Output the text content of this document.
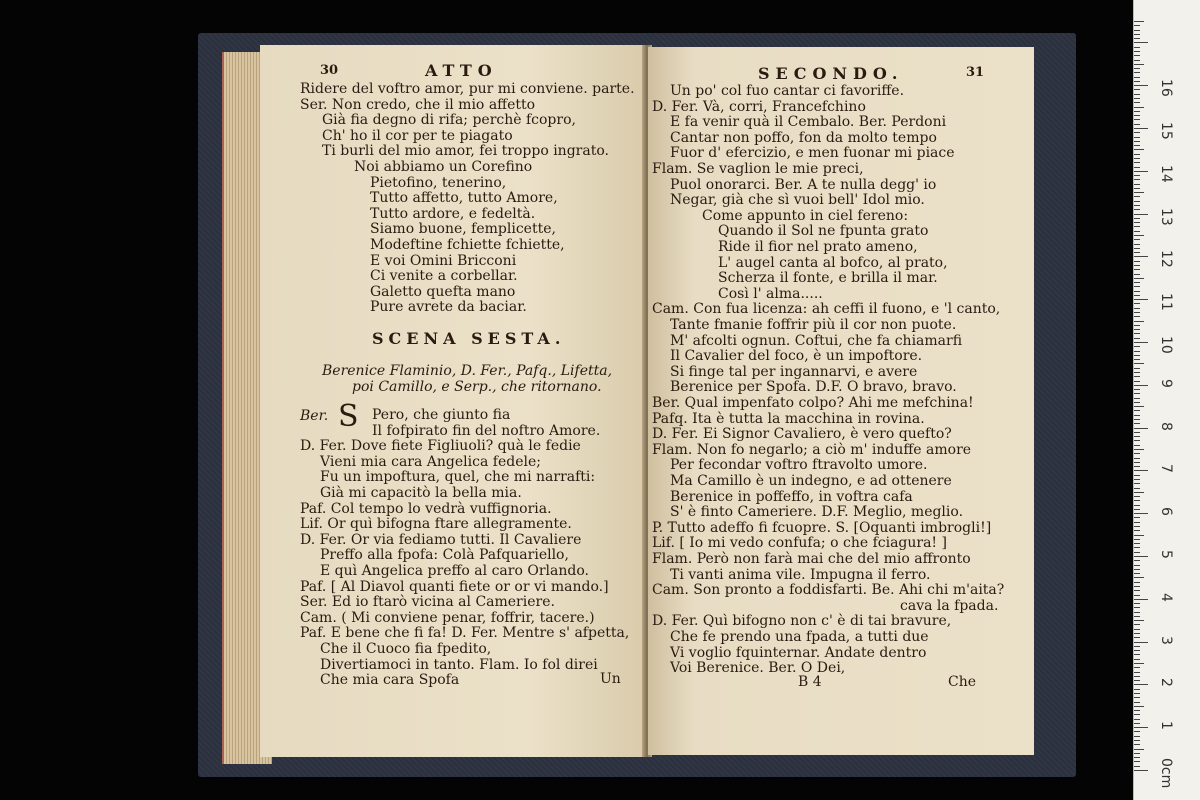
30	ATTO
Ridere del voftro amor, pur mi conviene. parte.
Ser. Non credo, che il mio affetto
Già fia degno di rifa; perchè fcopro,
Ch' ho il cor per te piagato
Ti burli del mio amor, fei troppo ingrato.
Noi abbiamo un Corefino
Pietofino, tenerino,
Tutto affetto, tutto Amore,
Tutto ardore, e fedeltà.
Siamo buone, femplicette,
Modeftine fchiette fchiette,
E voi Omini Bricconi
Ci venite a corbellar.
Galetto quefta mano
Pure avrete da baciar.
SCENA SESTA.
Berenice Flaminio, D. Fer., Pafq., Lifetta,
poi Camillo, e Serp., che ritornano.
Ber. S Pero, che giunto fia
Il fofpirato fin del noftro Amore.
D. Fer. Dove fiete Figliuoli? quà le fedie
Vieni mia cara Angelica fedele;
Fu un impoftura, quel, che mi narrafti:
Già mi capacitò la bella mia.
Paf. Col tempo lo vedrà vuffignoria.
Lif. Or quì bifogna ftare allegramente.
D. Fer. Or via fediamo tutti. Il Cavaliere
Preffo alla fpofa: Colà Pafquariello,
E quì Angelica preffo al caro Orlando.
Paf. [ Al Diavol quanti fiete or or vi mando.]
Ser. Ed io ftarò vicina al Cameriere.
Cam. ( Mi conviene penar, foffrir, tacere.)
Paf. E bene che fi fa! D. Fer. Mentre s' afpetta,
Che il Cuoco fia fpedito,
Divertiamoci in tanto. Flam. Io fol direi
Che mia cara Spofa	Un
SECONDO.	31
Un po' col fuo cantar ci favoriffe.
D. Fer. Và, corri, Francefchino
E fa venir quà il Cembalo. Ber. Perdoni
Cantar non poffo, fon da molto tempo
Fuor d' efercizio, e men fuonar mi piace
Flam. Se vaglion le mie preci,
Puol onorarci. Ber. A te nulla degg' io
Negar, già che sì vuoi bell' Idol mio.
Come appunto in ciel fereno:
Quando il Sol ne fpunta grato
Ride il fior nel prato ameno,
L' augel canta al bofco, al prato,
Scherza il fonte, e brilla il mar.
Così l' alma.....
Cam. Con fua licenza: ah ceffi il fuono, e 'l canto,
Tante fmanie foffrir più il cor non puote.
M' afcolti ognun. Coftui, che fa chiamarfi
Il Cavalier del foco, è un impoftore.
Si finge tal per ingannarvi, e avere
Berenice per Spofa. D.F. O bravo, bravo.
Ber. Qual impenfato colpo? Ahi me mefchina!
Pafq. Ita è tutta la macchina in rovina.
D. Fer. Ei Signor Cavaliero, è vero quefto?
Flam. Non fo negarlo; a ciò m' induffe amore
Per fecondar voftro ftravolto umore.
Ma Camillo è un indegno, e ad ottenere
Berenice in poffeffo, in voftra cafa
S' è finto Cameriere. D.F. Meglio, meglio.
P. Tutto adeffo fi fcuopre. S. [Oquanti imbrogli!]
Lif. [ Io mi vedo confufa; o che fciagura! ]
Flam. Però non farà mai che del mio affronto
Ti vanti anima vile. Impugna il ferro.
Cam. Son pronto a foddisfarti. Be. Ahi chi m'aita?
cava la fpada.
D. Fer. Quì bifogno non c' è di tai bravure,
Che fe prendo una fpada, a tutti due
Vi voglio fquinternar. Andate dentro
Voi Berenice. Ber. O Dei,
B 4	Che
0cm
1
2
3
4
5
6
7
8
9
10
11
12
13
14
15
16
